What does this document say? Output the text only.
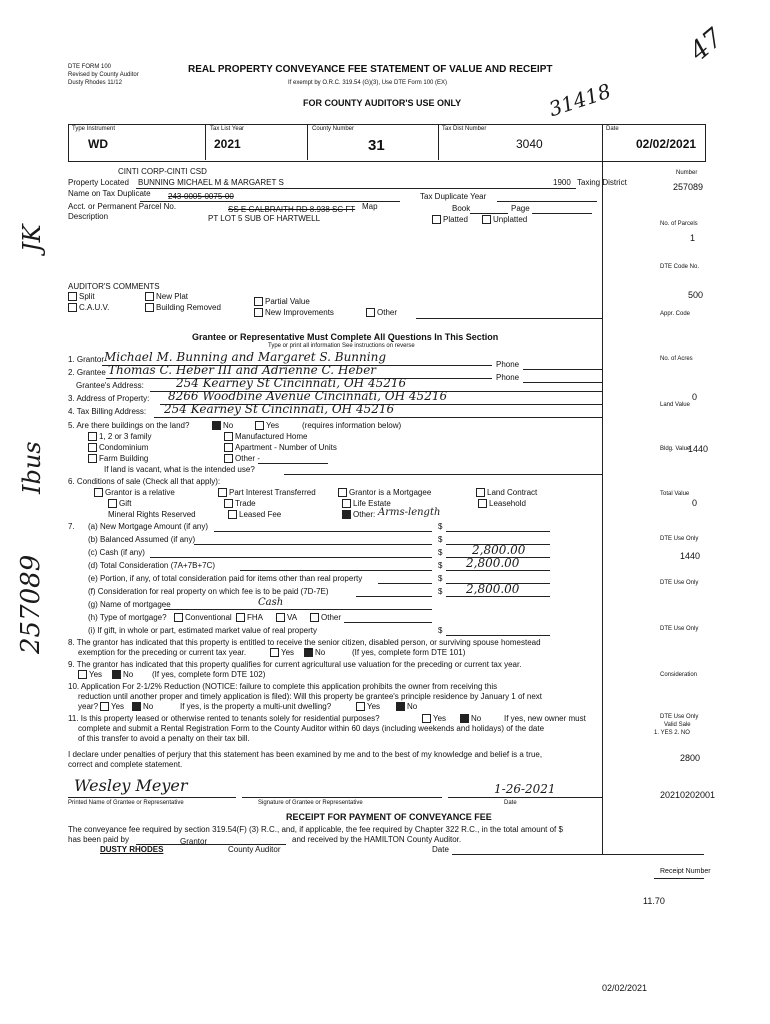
DTE FORM 100
Revised by County Auditor
Dusty Rhodes 11/12
REAL PROPERTY CONVEYANCE FEE STATEMENT OF VALUE AND RECEIPT
If exempt by O.R.C. 319.54 (G)(3), Use DTE Form 100 (EX)
FOR COUNTY AUDITOR'S USE ONLY	31418
47
Type Instrument
WD
Tax List Year
2021
County Number
31
Tax Dist Number
3040
Date
02/02/2021
CINTI CORP-CINTI CSD
Property Located BUNNING MICHAEL M & MARGARET S	1900 Taxing District
Name on Tax Duplicate 243-0005-0075-00	Tax Duplicate Year
Acct. or Permanent Parcel No.	SS E GALBRAITH RD 8.938 SC FT Map	Book	Page
Description	PT LOT 5 SUB OF HARTWELL	Platted	Unplatted
AUDITOR'S COMMENTS
Split	New Plat
Partial Value
C.A.U.V.	Building Removed
New Improvements	Other
Grantee or Representative Must Complete All Questions In This Section
Type or print all information See instructions on reverse
1. Grantor Michael M. Bunning and Margaret S. Bunning
Phone
2. Grantee Thomas C. Heber III and Adrienne C. Heber
Phone
Grantee's Address:	254 Kearney St Cincinnati, OH 45216
3. Address of Property: 8266 Woodbine Avenue Cincinnati, OH 45216
4. Tax Billing Address: 254 Kearney St Cincinnati, OH 45216
5. Are there buildings on the land?	No	Yes	(requires information below)
1, 2 or 3 family	Manufactured Home
Condominium	Apartment - Number of Units
Farm Building	Other -
If land is vacant, what is the intended use?
6. Conditions of sale (Check all that apply):
Grantor is a relative	Part Interest Transferred	Grantor is a Mortgagee	Land Contract
Gift	Trade	Life Estate	Leasehold
Mineral Rights Reserved	Leased Fee	Other: Arms-length
7. (a) New Mortgage Amount (if any)	$
(b) Balanced Assumed (if any)	$
(c) Cash (if any)	$ 2,800.00
(d) Total Consideration (7A+7B+7C)	$ 2,800.00
(e) Portion, if any, of total consideration paid for items other than real property	$
(f) Consideration for real property on which fee is to be paid (7D-7E)	$ 2,800.00
(g) Name of mortgagee	Cash
(h) Type of mortgage?	Conventional	FHA	VA	Other
(i) If gift, in whole or part, estimated market value of real property	$
8. The grantor has indicated that this property is entitled to receive the senior citizen, disabled person, or surviving spouse homestead
exemption for the preceding or current tax year.	Yes	No	(If yes, complete form DTE 101)
9. The grantor has indicated that this property qualifies for current agricultural use valuation for the preceding or current tax year.
Yes	No (If yes, complete form DTE 102)
10. Application For 2-1/2% Reduction (NOTICE: failure to complete this application prohibits the owner from receiving this
reduction until another proper and timely application is filed): Will this property be grantee's principle residence by January 1 of next
year?	Yes	No	If yes, is the property a multi-unit dwelling?	Yes	No
11. Is this property leased or otherwise rented to tenants solely for residential purposes?	Yes	No	If yes, new owner must
complete and submit a Rental Registration Form to the County Auditor within 60 days (including weekends and holidays) of the date
of this transfer to avoid a penalty on their tax bill.
I declare under penalties of perjury that this statement has been examined by me and to the best of my knowledge and belief is a true,
correct and complete statement.
Wesley Meyer	1-26-2021
Printed Name of Grantee or Representative	Signature of Grantee or Representative	Date
RECEIPT FOR PAYMENT OF CONVEYANCE FEE
The conveyance fee required by section 319.54(F) (3) R.C., and, if applicable, the fee required by Chapter 322 R.C., in the total amount of $
has been paid by	Grantor	and received by the HAMILTON County Auditor.
DUSTY RHODES	County Auditor	Date
Number
257089
No. of Parcels
1
DTE Code No.
500
Appr. Code
No. of Acres
0
Land Value
Bldg. Value
1440
Total Value
0
DTE Use Only
1440
DTE Use Only
DTE Use Only
Consideration
DTE Use Only
Valid Sale
1. YES 2. NO
2800
20210202001
Receipt Number
11.70
JK
Ibus
257089
02/02/2021
